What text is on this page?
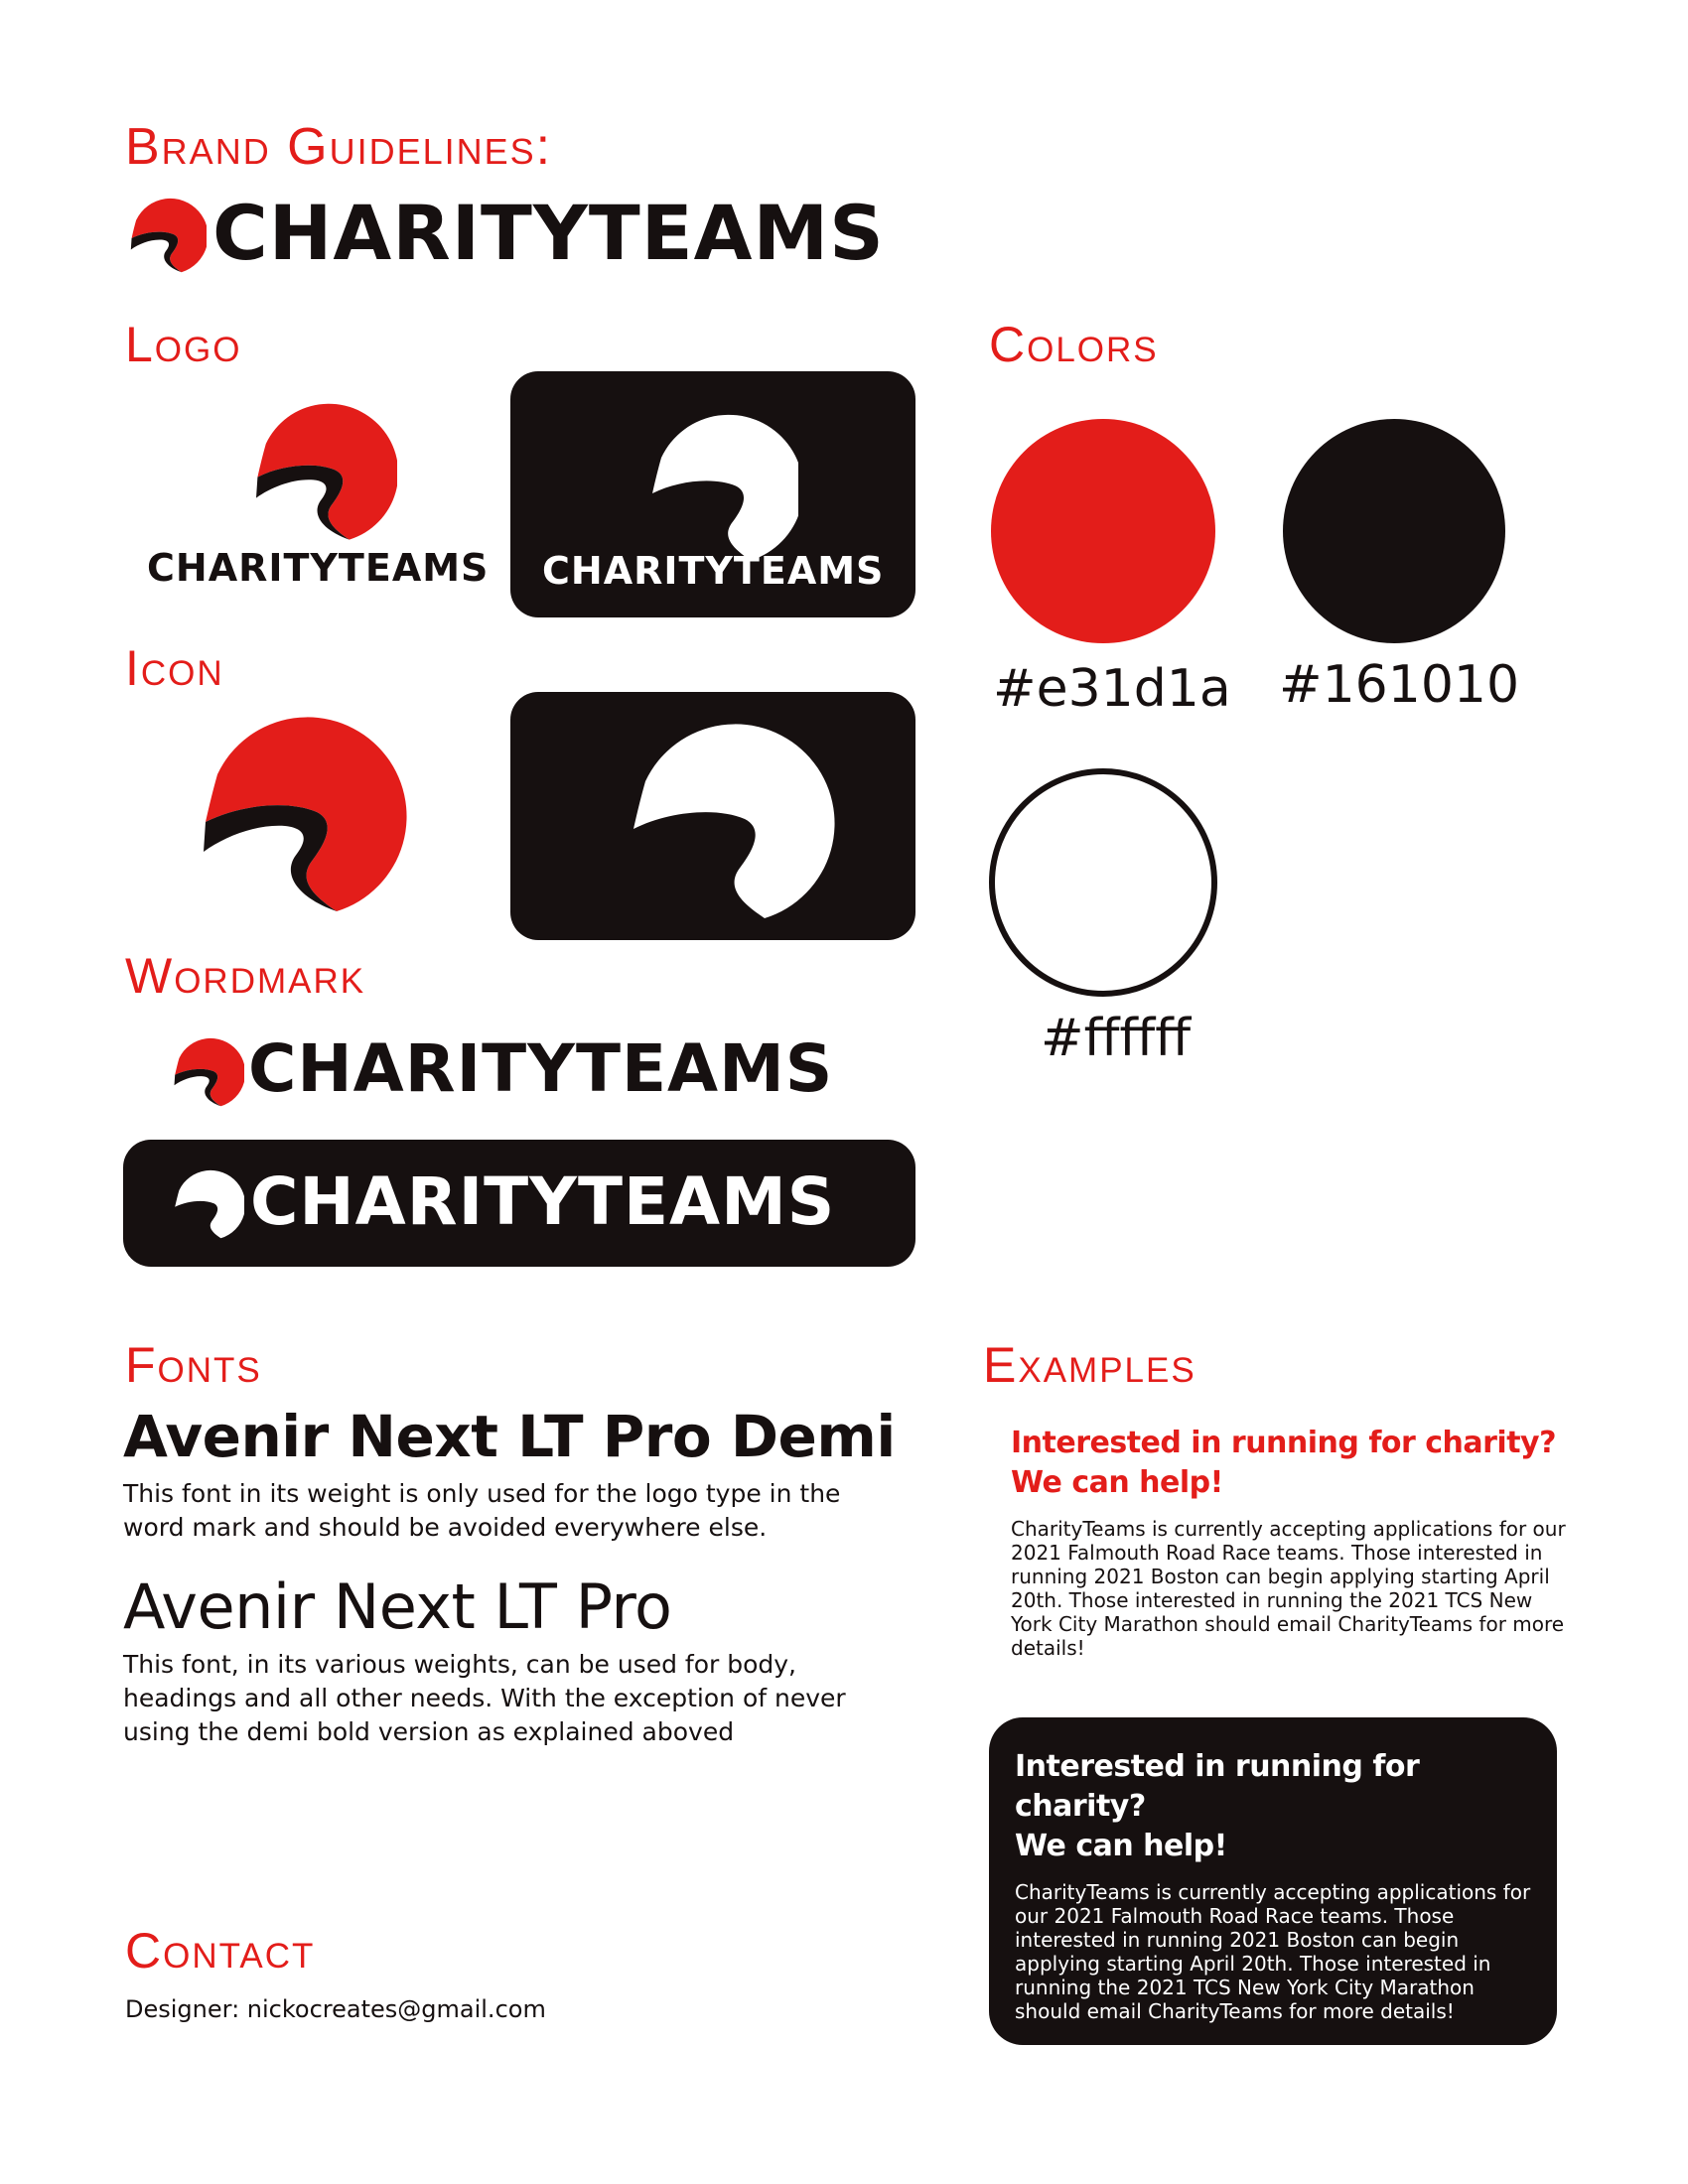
Brand Guidelines:
CHARITYTEAMS
Logo
CHARITYTEAMS CHARITYTEAMS
Icon
Wordmark
CHARITYTEAMS
CHARITYTEAMS
Colors
#e31d1a #161010
#ffffff
Fonts
Avenir Next LT Pro Demi
This font in its weight is only used for the logo type in the word mark and should be avoided everywhere else.
Avenir Next LT Pro
This font, in its various weights, can be used for body, headings and all other needs. With the exception of never using the demi bold version as explained aboved
Examples
Interested in running for charity?
We can help!
CharityTeams is currently accepting applications for our 2021 Falmouth Road Race teams. Those interested in running 2021 Boston can begin applying starting April 20th. Those interested in running the 2021 TCS New York City Marathon should email CharityTeams for more details!
Interested in running for charity?
We can help!
CharityTeams is currently accepting applications for our 2021 Falmouth Road Race teams. Those interested in running 2021 Boston can begin applying starting April 20th. Those interested in running the 2021 TCS New York City Marathon should email CharityTeams for more details!
Contact
Designer: nickocreates@gmail.com
